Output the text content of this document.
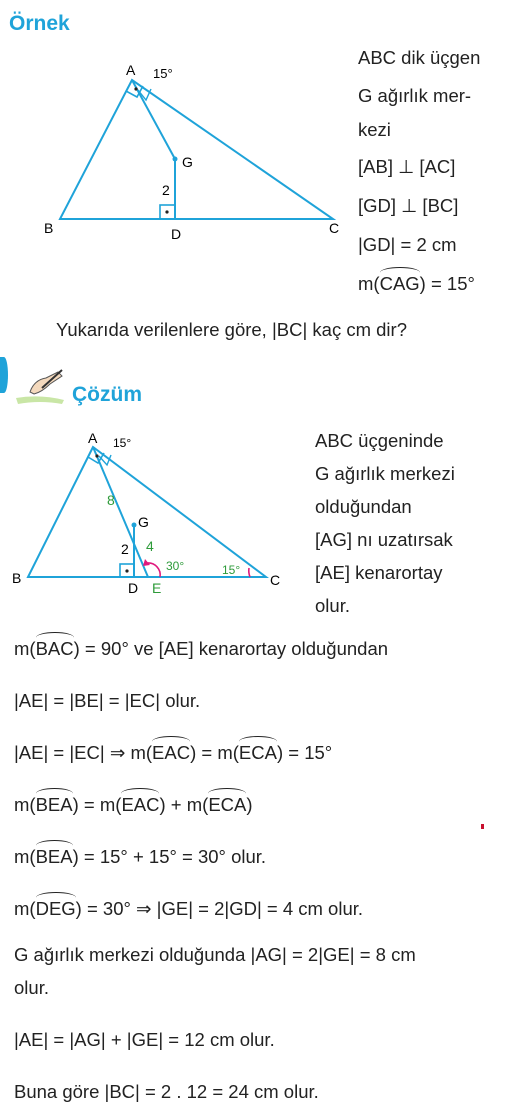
Örnek
A
B	C
D
G
15°
2
ABC dik üçgen
G ağırlık mer-
kezi
[AB] ⊥ [AC]
[GD] ⊥ [BC]
|GD| = 2 cm
m(CAG) = 15°
Yukarıda verilenlere göre, |BC| kaç cm dir?
Çözüm
A
B	C
D E
G
15°
8
2 4
30°	15°
ABC üçgeninde
G ağırlık merkezi
olduğundan
[AG] nı uzatırsak
[AE] kenarortay
olur.
m(BAC) = 90° ve [AE] kenarortay olduğundan
|AE| = |BE| = |EC| olur.
|AE| = |EC| ⇒ m(EAC) = m(ECA) = 15°
m(BEA) = m(EAC) + m(ECA)
m(BEA) = 15° + 15° = 30° olur.
m(DEG) = 30° ⇒ |GE| = 2|GD| = 4 cm olur.
G ağırlık merkezi olduğunda |AG| = 2|GE| = 8 cm
olur.
|AE| = |AG| + |GE| = 12 cm olur.
Buna göre |BC| = 2 . 12 = 24 cm olur.
